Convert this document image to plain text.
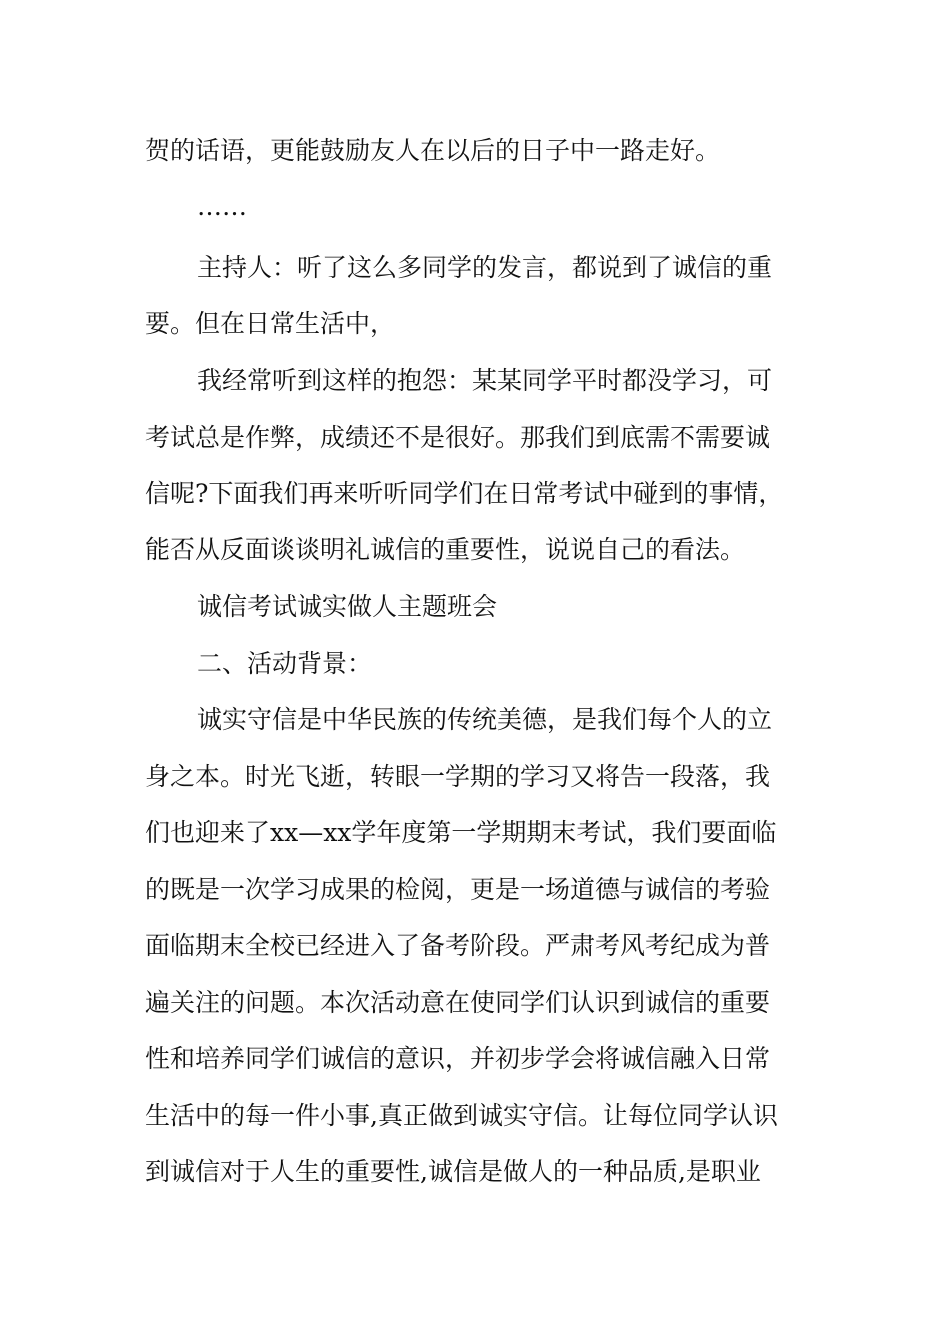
贺的话语，更能鼓励友人在以后的日子中一路走好。
……
主持人：听了这么多同学的发言，都说到了诚信的重
要。但在日常生活中，
我经常听到这样的抱怨：某某同学平时都没学习，可
考试总是作弊，成绩还不是很好。那我们到底需不需要诚
信呢?下面我们再来听听同学们在日常考试中碰到的事情，
能否从反面谈谈明礼诚信的重要性，说说自己的看法。
诚信考试诚实做人主题班会
二、活动背景：
诚实守信是中华民族的传统美德，是我们每个人的立
身之本。时光飞逝，转眼一学期的学习又将告一段落，我
们也迎来了xx—xx学年度第一学期期末考试，我们要面临
的既是一次学习成果的检阅，更是一场道德与诚信的考验
面临期末全校已经进入了备考阶段。严肃考风考纪成为普
遍关注的问题。本次活动意在使同学们认识到诚信的重要
性和培养同学们诚信的意识，并初步学会将诚信融入日常
生活中的每一件小事,真正做到诚实守信。让每位同学认识
到诚信对于人生的重要性,诚信是做人的一种品质,是职业
